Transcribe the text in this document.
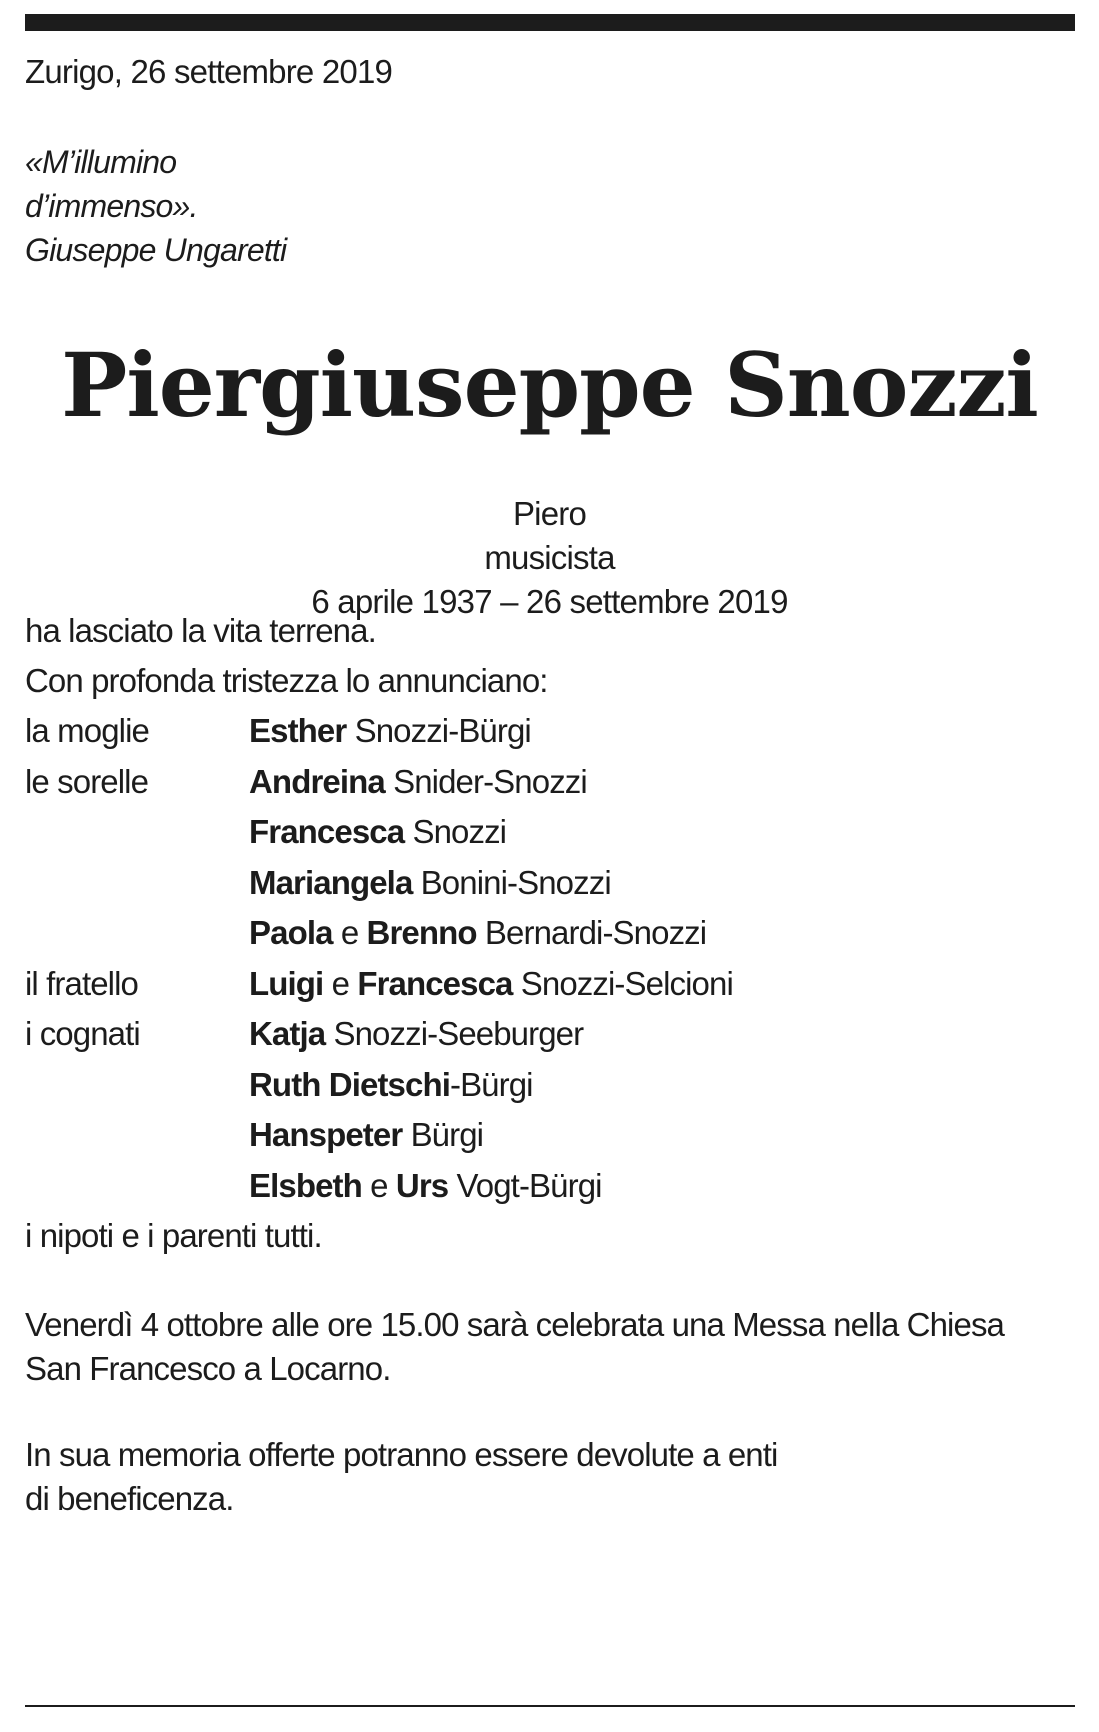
Zurigo, 26 settembre 2019

«M’illumino
d’immenso».
Giuseppe Ungaretti
Piergiuseppe Snozzi
Piero
musicista
6 aprile 1937 – 26 settembre 2019

ha lasciato la vita terrena.

Con profonda tristezza lo annunciano:

la moglie	Esther Snozzi-Bürgi
le sorelle	Andreina Snider-Snozzi
Francesca Snozzi
Mariangela Bonini-Snozzi
Paola e Brenno Bernardi-Snozzi
il fratello	Luigi e Francesca Snozzi-Selcioni
i cognati	Katja Snozzi-Seeburger
Ruth Dietschi-Bürgi
Hanspeter Bürgi
Elsbeth e Urs Vogt-Bürgi

i nipoti e i parenti tutti.

Venerdì 4 ottobre alle ore 15.00 sarà celebrata una Messa nella Chiesa
San Francesco a Locarno.
In sua memoria offerte potranno essere devolute a enti
di beneficenza.
